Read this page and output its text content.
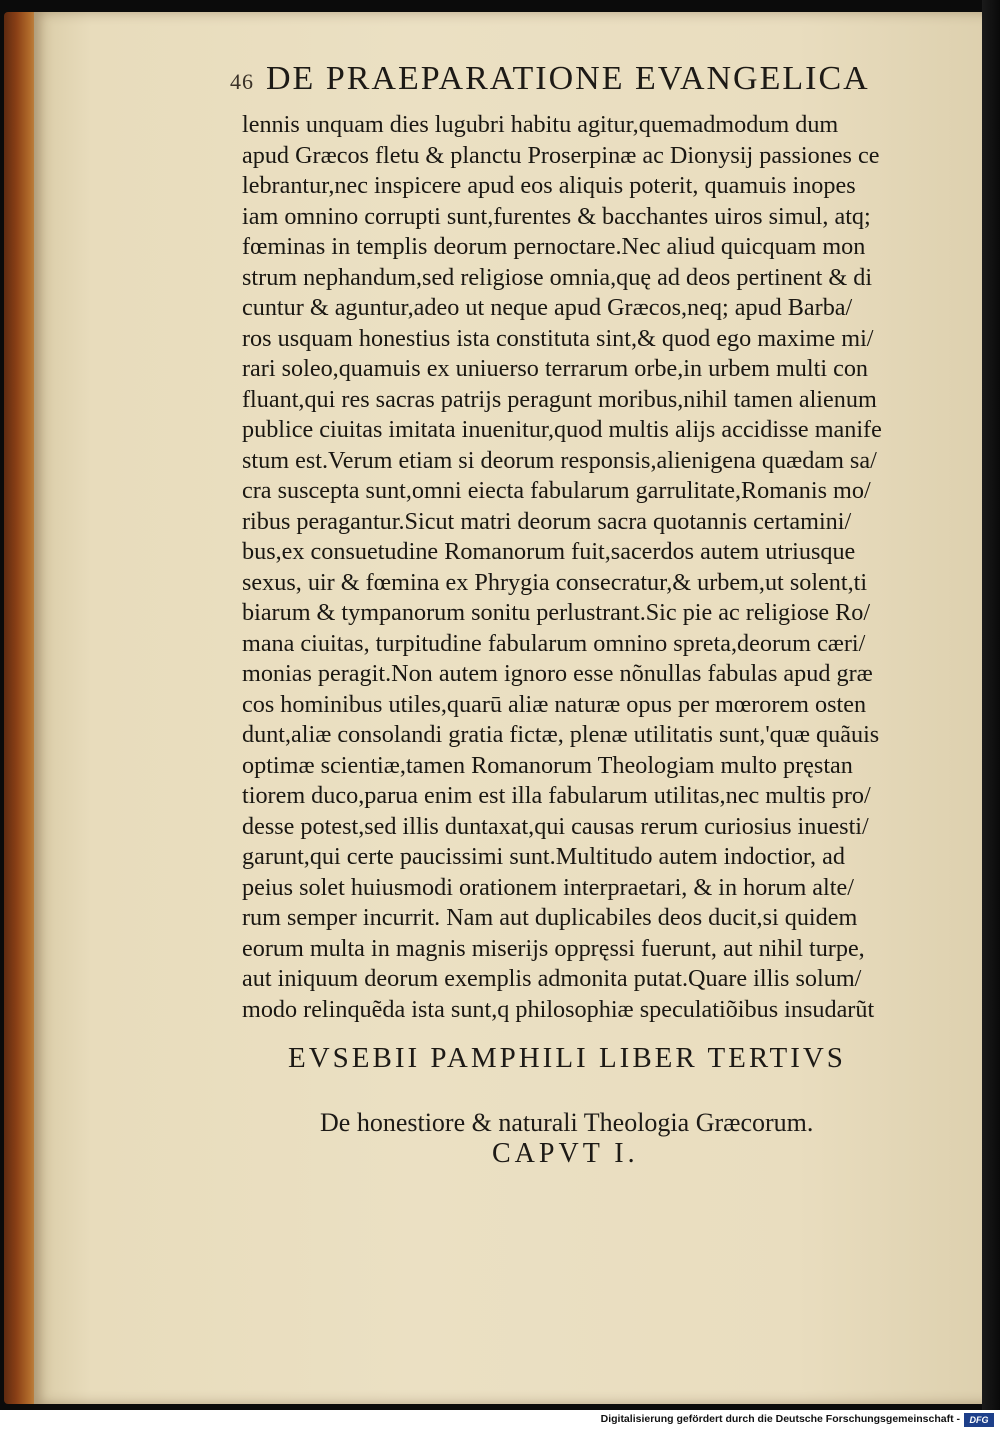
46 DE PRAEPARATIONE EVANGELICA
lennis unquam dies lugubri habitu agitur,quemadmodum dum
apud Græcos fletu & planctu Proserpinæ ac Dionysij passiones ce
lebrantur,nec inspicere apud eos aliquis poterit, quamuis inopes
iam omnino corrupti sunt,furentes & bacchantes uiros simul, atq;
fœminas in templis deorum pernoctare.Nec aliud quicquam mon
strum nephandum,sed religiose omnia,quę ad deos pertinent & di
cuntur & aguntur,adeo ut neque apud Græcos,neq; apud Barba/
ros usquam honestius ista constituta sint,& quod ego maxime mi/
rari soleo,quamuis ex uniuerso terrarum orbe,in urbem multi con
fluant,qui res sacras patrijs peragunt moribus,nihil tamen alienum
publice ciuitas imitata inuenitur,quod multis alijs accidisse manife
stum est.Verum etiam si deorum responsis,alienigena quædam sa/
cra suscepta sunt,omni eiecta fabularum garrulitate,Romanis mo/
ribus peragantur.Sicut matri deorum sacra quotannis certamini/
bus,ex consuetudine Romanorum fuit,sacerdos autem utriusque
sexus, uir & fœmina ex Phrygia consecratur,& urbem,ut solent,ti
biarum & tympanorum sonitu perlustrant.Sic pie ac religiose Ro/
mana ciuitas, turpitudine fabularum omnino spreta,deorum cæri/
monias peragit.Non autem ignoro esse nõnullas fabulas apud græ
cos hominibus utiles,quarū aliæ naturæ opus per mœrorem osten
dunt,aliæ consolandi gratia fictæ, plenæ utilitatis sunt,'quæ quãuis
optimæ scientiæ,tamen Romanorum Theologiam multo pręstan
tiorem duco,parua enim est illa fabularum utilitas,nec multis pro/
desse potest,sed illis duntaxat,qui causas rerum curiosius inuesti/
garunt,qui certe paucissimi sunt.Multitudo autem indoctior, ad
peius solet huiusmodi orationem interpraetari, & in horum alte/
rum semper incurrit. Nam aut duplicabiles deos ducit,si quidem
eorum multa in magnis miserijs oppręssi fuerunt, aut nihil turpe,
aut iniquum deorum exemplis admonita putat.Quare illis solum/
modo relinquẽda ista sunt,q philosophiæ speculatiõibus insudarũt
EVSEBII PAMPHILI LIBER TERTIVS
De honestiore & naturali Theologia Græcorum.
CAPVT I.
Digitalisierung gefördert durch die Deutsche Forschungsgemeinschaft -	DFG
